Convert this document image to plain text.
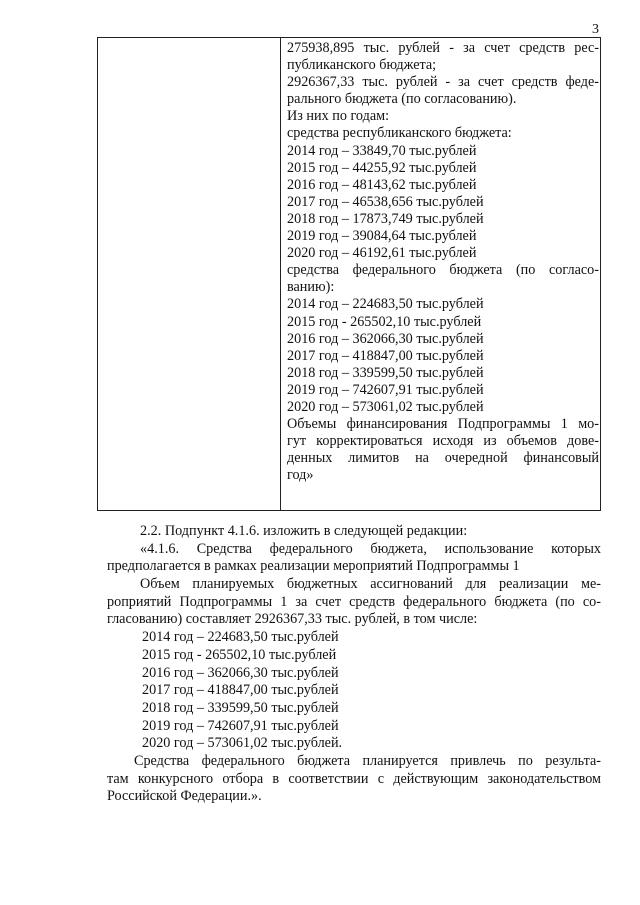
3
275938,895 тыс. рублей - за счет средств рес-
публиканского бюджета;
2926367,33 тыс. рублей - за счет средств феде-
рального бюджета (по согласованию).
Из них по годам:
средства республиканского бюджета:
2014 год – 33849,70 тыс.рублей
2015 год – 44255,92 тыс.рублей
2016 год – 48143,62 тыс.рублей
2017 год – 46538,656 тыс.рублей
2018 год – 17873,749 тыс.рублей
2019 год – 39084,64 тыс.рублей
2020 год – 46192,61 тыс.рублей
средства федерального бюджета (по согласо-
ванию):
2014 год – 224683,50 тыс.рублей
2015 год - 265502,10 тыс.рублей
2016 год – 362066,30 тыс.рублей
2017 год – 418847,00 тыс.рублей
2018 год – 339599,50 тыс.рублей
2019 год – 742607,91 тыс.рублей
2020 год – 573061,02 тыс.рублей
Объемы финансирования Подпрограммы 1 мо-
гут корректироваться исходя из объемов дове-
денных лимитов на очередной финансовый
год»
2.2. Подпункт 4.1.6. изложить в следующей редакции:
«4.1.6. Средства федерального бюджета, использование которых
предполагается в рамках реализации мероприятий Подпрограммы 1
Объем планируемых бюджетных ассигнований для реализации ме-
роприятий Подпрограммы 1 за счет средств федерального бюджета (по со-
гласованию) составляет 2926367,33 тыс. рублей, в том числе:
2014 год – 224683,50 тыс.рублей
2015 год - 265502,10 тыс.рублей
2016 год – 362066,30 тыс.рублей
2017 год – 418847,00 тыс.рублей
2018 год – 339599,50 тыс.рублей
2019 год – 742607,91 тыс.рублей
2020 год – 573061,02 тыс.рублей.
Средства федерального бюджета планируется привлечь по результа-
там конкурсного отбора в соответствии с действующим законодательством
Российской Федерации.».
